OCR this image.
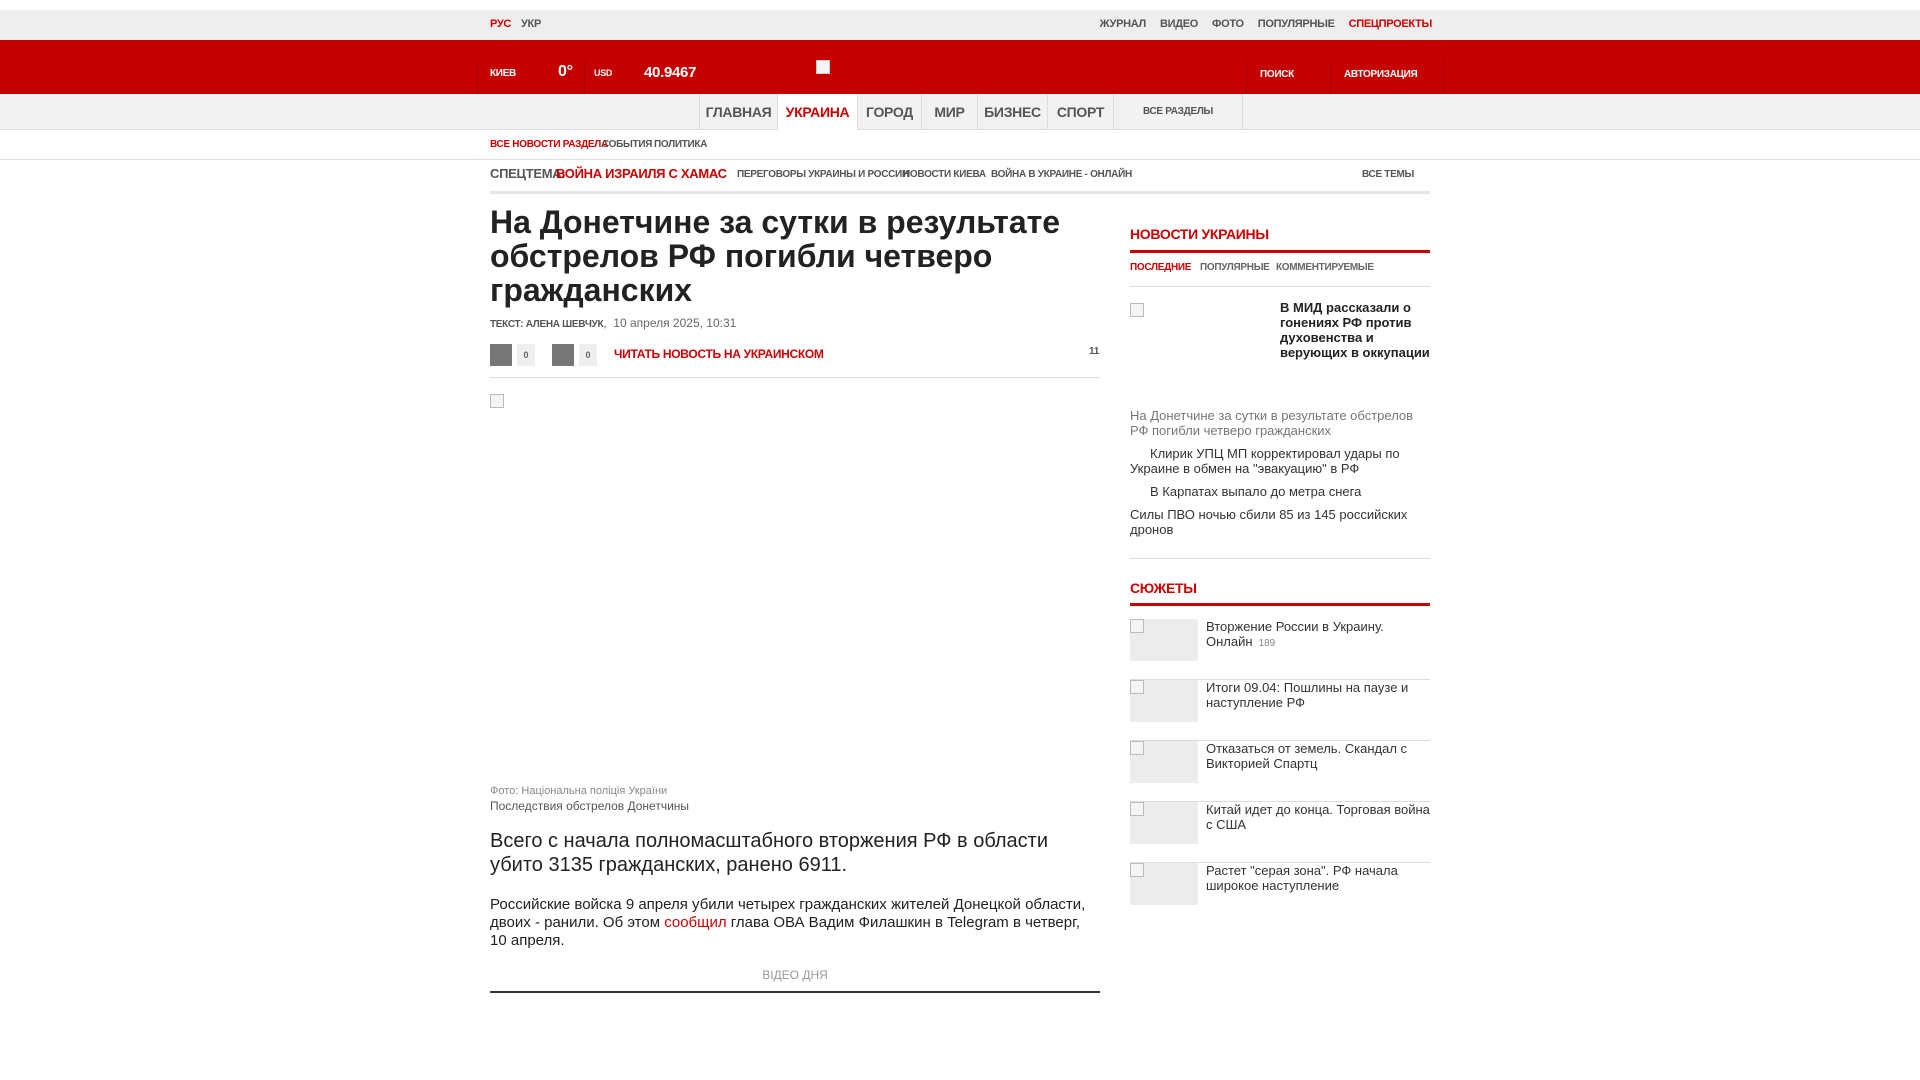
РУС УКР	ЖУРНАЛ ВИДЕО ФОТО ПОПУЛЯРНЫЕ СПЕЦПРОЕКТЫ
КИЕВ	0° USD 40.9467	ПОИСК	АВТОРИЗАЦИЯ
ГЛАВНАЯ	УКРАИНА	ГОРОД	МИР	БИЗНЕС	СПОРТ	ВСЕ РАЗДЕЛЫ
ВСЕ НОВОСТИ РАЗДЕЛА
СОБЫТИЯ ПОЛИТИКА
СПЕЦТЕМА:
ВОЙНА ИЗРАИЛЯ С ХАМАС ПЕРЕГОВОРЫ УКРАИНЫ И РОССИИ
НОВОСТИ КИЕВА ВОЙНА В УКРАИНЕ - ОНЛАЙН	ВСЕ ТЕМЫ
На Донетчине за сутки в результате обстрелов РФ погибли четверо гражданских
ТЕКСТ: АЛЕНА ШЕВЧУК,  10 апреля 2025, 10:31
0	0	ЧИТАТЬ НОВОСТЬ НА УКРАИНСКОМ	11
Фото: Національна поліція України
Последствия обстрелов Донетчины

Всего с начала полномасштабного вторжения РФ в области убито 3135 гражданских, ранено 6911.

Российские войска 9 апреля убили четырех гражданских жителей Донецкой области, двоих - ранили. Об этом сообщил глава ОВА Вадим Филашкин в Telegram в четверг, 10 апреля.

ВІДЕО ДНЯ
НОВОСТИ УКРАИНЫ
ПОСЛЕДНИЕ ПОПУЛЯРНЫЕ КОММЕНТИРУЕМЫЕ
В МИД рассказали о гонениях РФ против духовенства и верующих в оккупации
На Донетчине за сутки в результате обстрелов РФ погибли четверо гражданских
Клирик УПЦ МП корректировал удары по Украине в обмен на "эвакуацию" в РФ
В Карпатах выпало до метра снега
Силы ПВО ночью сбили 85 из 145 российских дронов
СЮЖЕТЫ
Вторжение России в Украину. Онлайн 189
Итоги 09.04: Пошлины на паузе и наступление РФ
Отказаться от земель. Скандал с Викторией Спартц
Китай идет до конца. Торговая война с США
Растет "серая зона". РФ начала широкое наступление
